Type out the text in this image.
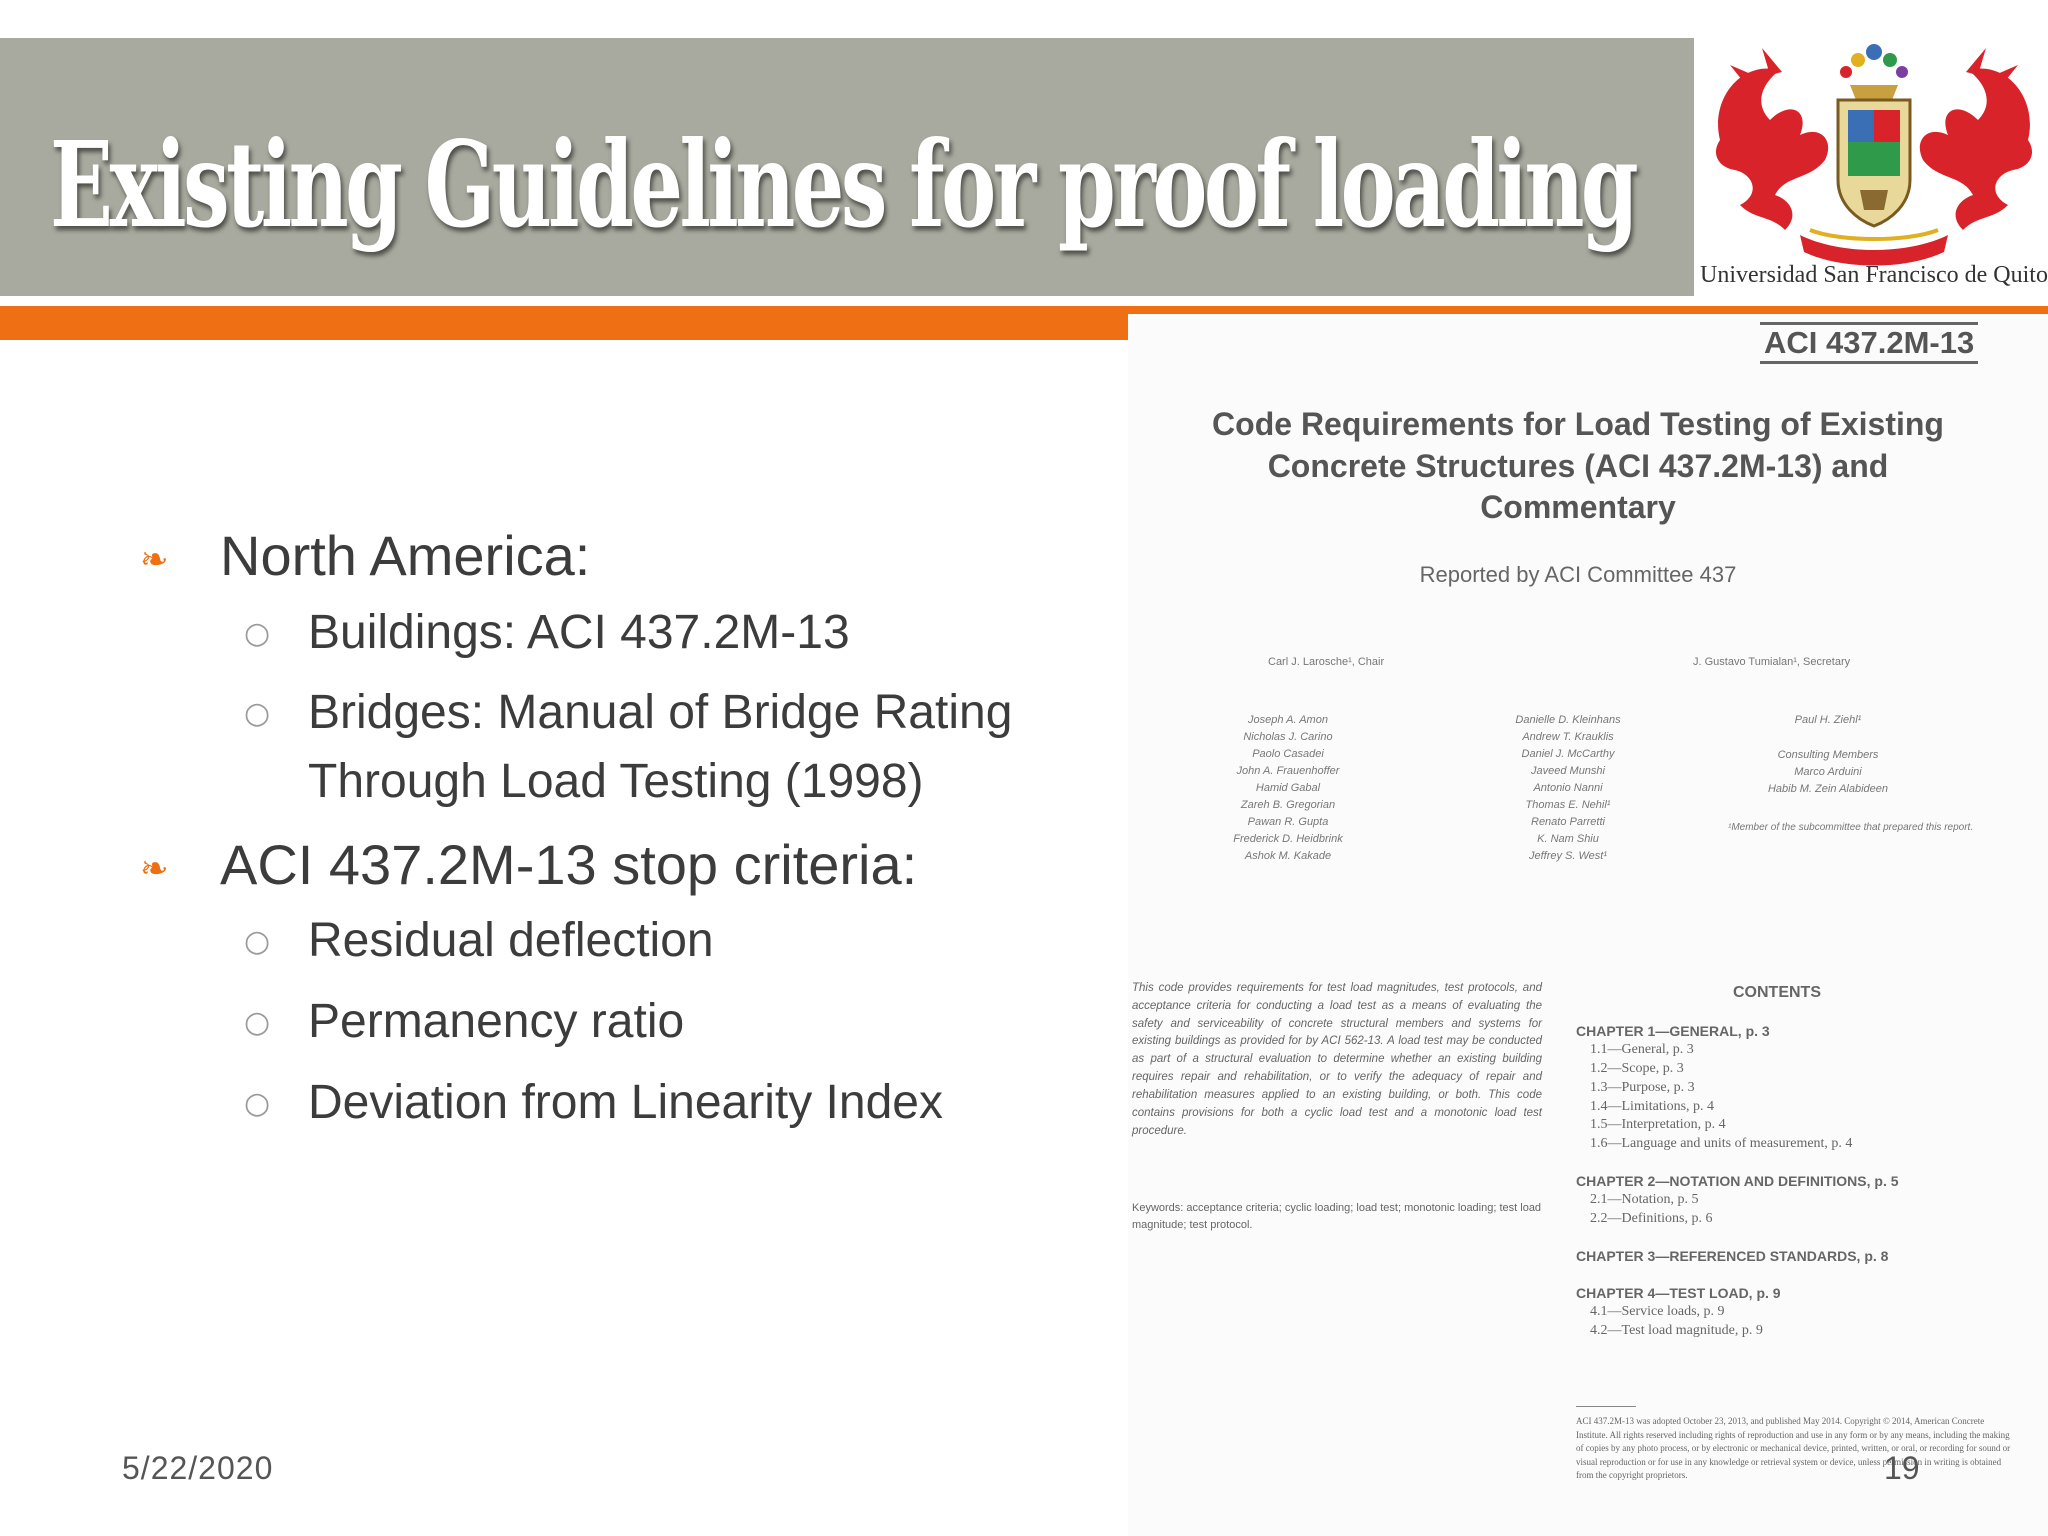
Existing Guidelines for proof loading
Universidad San Francisco de Quito
❧ North America:
○ Buildings: ACI 437.2M-13
○ Bridges: Manual of Bridge Rating Through Load Testing (1998)
❧ ACI 437.2M-13 stop criteria:
○ Residual deflection
○ Permanency ratio
○ Deviation from Linearity Index
ACI 437.2M-13
Code Requirements for Load Testing of Existing Concrete Structures (ACI 437.2M-13) and Commentary
Reported by ACI Committee 437
Carl J. Larosche¹, Chair	J. Gustavo Tumialan¹, Secretary
Joseph A. Amon
Nicholas J. Carino
Paolo Casadei
John A. Frauenhoffer
Hamid Gabal
Zareh B. Gregorian
Pawan R. Gupta
Frederick D. Heidbrink
Ashok M. Kakade
Danielle D. Kleinhans
Andrew T. Krauklis
Daniel J. McCarthy
Javeed Munshi
Antonio Nanni
Thomas E. Nehil¹
Renato Parretti
K. Nam Shiu
Jeffrey S. West¹
Paul H. Ziehl¹
Consulting Members
Marco Arduini
Habib M. Zein Alabideen
¹Member of the subcommittee that prepared this report.
This code provides requirements for test load magnitudes, test protocols, and acceptance criteria for conducting a load test as a means of evaluating the safety and serviceability of concrete structural members and systems for existing buildings as provided for by ACI 562-13. A load test may be conducted as part of a structural evaluation to determine whether an existing building requires repair and rehabilitation, or to verify the adequacy of repair and rehabilitation measures applied to an existing building, or both. This code contains provisions for both a cyclic load test and a monotonic load test procedure.
Keywords: acceptance criteria; cyclic loading; load test; monotonic loading; test load magnitude; test protocol.
CONTENTS
CHAPTER 1—GENERAL, p. 3
1.1—General, p. 3
1.2—Scope, p. 3
1.3—Purpose, p. 3
1.4—Limitations, p. 4
1.5—Interpretation, p. 4
1.6—Language and units of measurement, p. 4
CHAPTER 2—NOTATION AND DEFINITIONS, p. 5
2.1—Notation, p. 5
2.2—Definitions, p. 6
CHAPTER 3—REFERENCED STANDARDS, p. 8
CHAPTER 4—TEST LOAD, p. 9
4.1—Service loads, p. 9
4.2—Test load magnitude, p. 9
ACI 437.2M-13 was adopted October 23, 2013, and published May 2014. Copyright © 2014, American Concrete Institute. All rights reserved including rights of reproduction and use in any form or by any means, including the making of copies by any photo process, or by electronic or mechanical device, printed, written, or oral, or recording for sound or visual reproduction or for use in any knowledge or retrieval system or device, unless permission in writing is obtained from the copyright proprietors.
5/22/2020	19
